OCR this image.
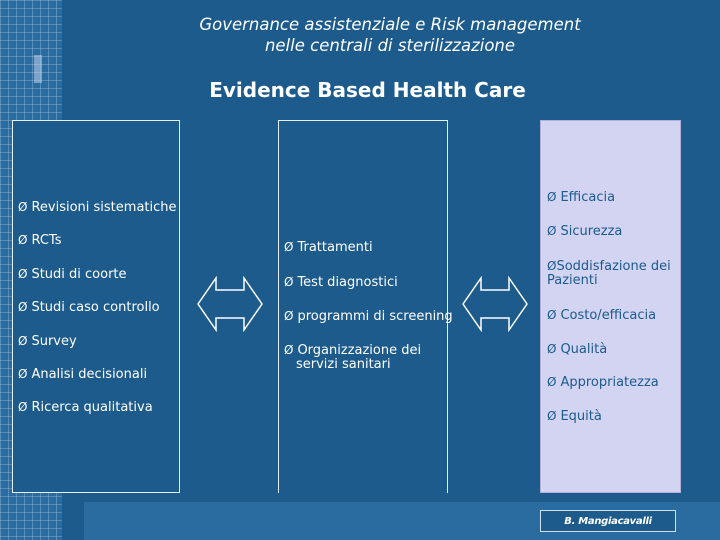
Governance assistenziale e Risk management
nelle centrali di sterilizzazione
Evidence Based Health Care
Ø Revisioni sistematiche
Ø RCTs
Ø Studi di coorte
Ø Studi caso controllo
Ø Survey
Ø Analisi decisionali
Ø Ricerca qualitativa
Ø Trattamenti
Ø Test diagnostici
Ø programmi di screening
Ø Organizzazione dei
servizi sanitari
Ø Efficacia
Ø Sicurezza
ØSoddisfazione dei
Pazienti
Ø Costo/efficacia
Ø Qualità
Ø Appropriatezza
Ø Equità
B. Mangiacavalli
